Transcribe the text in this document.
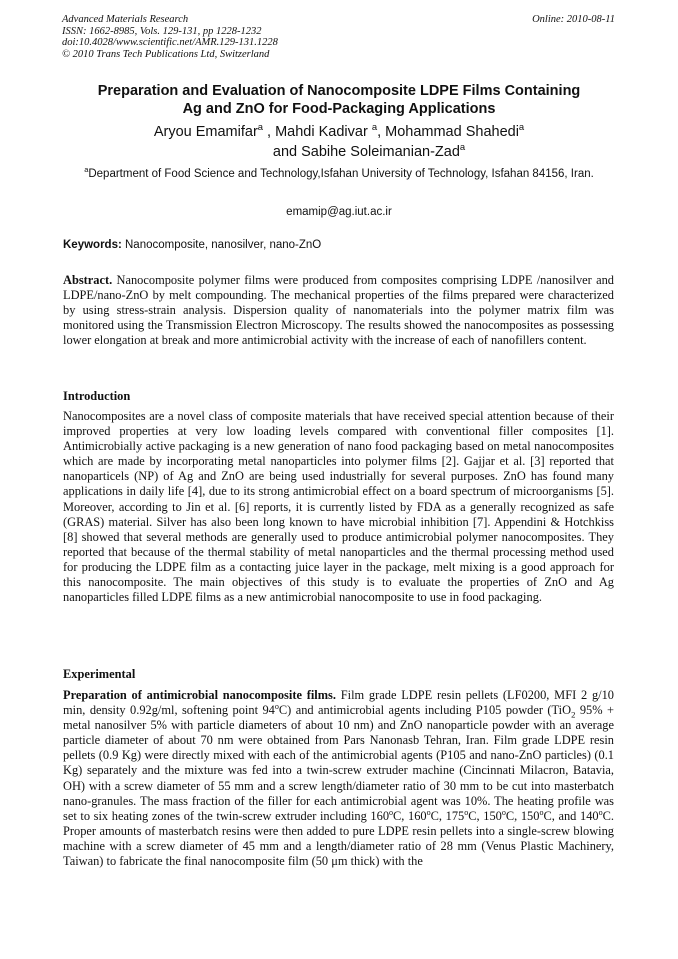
Advanced Materials Research
ISSN: 1662-8985, Vols. 129-131, pp 1228-1232
doi:10.4028/www.scientific.net/AMR.129-131.1228
© 2010 Trans Tech Publications Ltd, Switzerland
Online: 2010-08-11
Preparation and Evaluation of Nanocomposite LDPE Films Containing
Ag and ZnO for Food-Packaging Applications
Aryou Emamifar$^a$ , Mahdi Kadivar $^a$, Mohammad Shahedi$^a$
and Sabihe Soleimanian-Zad$^a$
$^a$Department of Food Science and Technology,Isfahan University of Technology, Isfahan 84156, Iran.
emamip@ag.iut.ac.ir
Keywords: Nanocomposite, nanosilver, nano-ZnO
Abstract. Nanocomposite polymer films were produced from composites comprising LDPE /nanosilver and LDPE/nano-ZnO by melt compounding. The mechanical properties of the films prepared were characterized by using stress-strain analysis. Dispersion quality of nanomaterials into the polymer matrix film was monitored using the Transmission Electron Microscopy. The results showed the nanocomposites as possessing lower elongation at break and more antimicrobial activity with the increase of each of nanofillers content.
Introduction
Nanocomposites are a novel class of composite materials that have received special attention because of their improved properties at very low loading levels compared with conventional filler composites [1]. Antimicrobially active packaging is a new generation of nano food packaging based on metal nanocomposites which are made by incorporating metal nanoparticles into polymer films [2]. Gajjar et al. [3] reported that nanoparticels (NP) of Ag and ZnO are being used industrially for several purposes. ZnO has found many applications in daily life [4], due to its strong antimicrobial effect on a board spectrum of microorganisms [5]. Moreover, according to Jin et al. [6] reports, it is currently listed by FDA as a generally recognized as safe (GRAS) material. Silver has also been long known to have microbial inhibition [7]. Appendini & Hotchkiss [8] showed that several methods are generally used to produce antimicrobial polymer nanocomposites. They reported that because of the thermal stability of metal nanoparticles and the thermal processing method used for producing the LDPE film as a contacting juice layer in the package, melt mixing is a good approach for this nanocomposite. The main objectives of this study is to evaluate the properties of ZnO and Ag nanoparticles filled LDPE films as a new antimicrobial nanocomposite to use in food packaging.
Experimental
Preparation of antimicrobial nanocomposite films. Film grade LDPE resin pellets (LF0200, MFI 2 g/10 min, density 0.92g/ml, softening point 94$^o$C) and antimicrobial agents including P105 powder (TiO$_2$ 95% + metal nanosilver 5% with particle diameters of about 10 nm) and ZnO nanoparticle powder with an average particle diameter of about 70 nm were obtained from Pars Nanonasb Tehran, Iran. Film grade LDPE resin pellets (0.9 Kg) were directly mixed with each of the antimicrobial agents (P105 and nano-ZnO particles) (0.1 Kg) separately and the mixture was fed into a twin-screw extruder machine (Cincinnati Milacron, Batavia, OH) with a screw diameter of 55 mm and a screw length/diameter ratio of 30 mm to be cut into masterbatch nano-granules. The mass fraction of the filler for each antimicrobial agent was 10%. The heating profile was set to six heating zones of the twin-screw extruder including 160$^o$C, 160$^o$C, 175$^o$C, 150$^o$C, 150$^o$C, and 140$^o$C. Proper amounts of masterbatch resins were then added to pure LDPE resin pellets into a single-screw blowing machine with a screw diameter of 45 mm and a length/diameter ratio of 28 mm (Venus Plastic Machinery, Taiwan) to fabricate the final nanocomposite film (50 μm thick) with the
